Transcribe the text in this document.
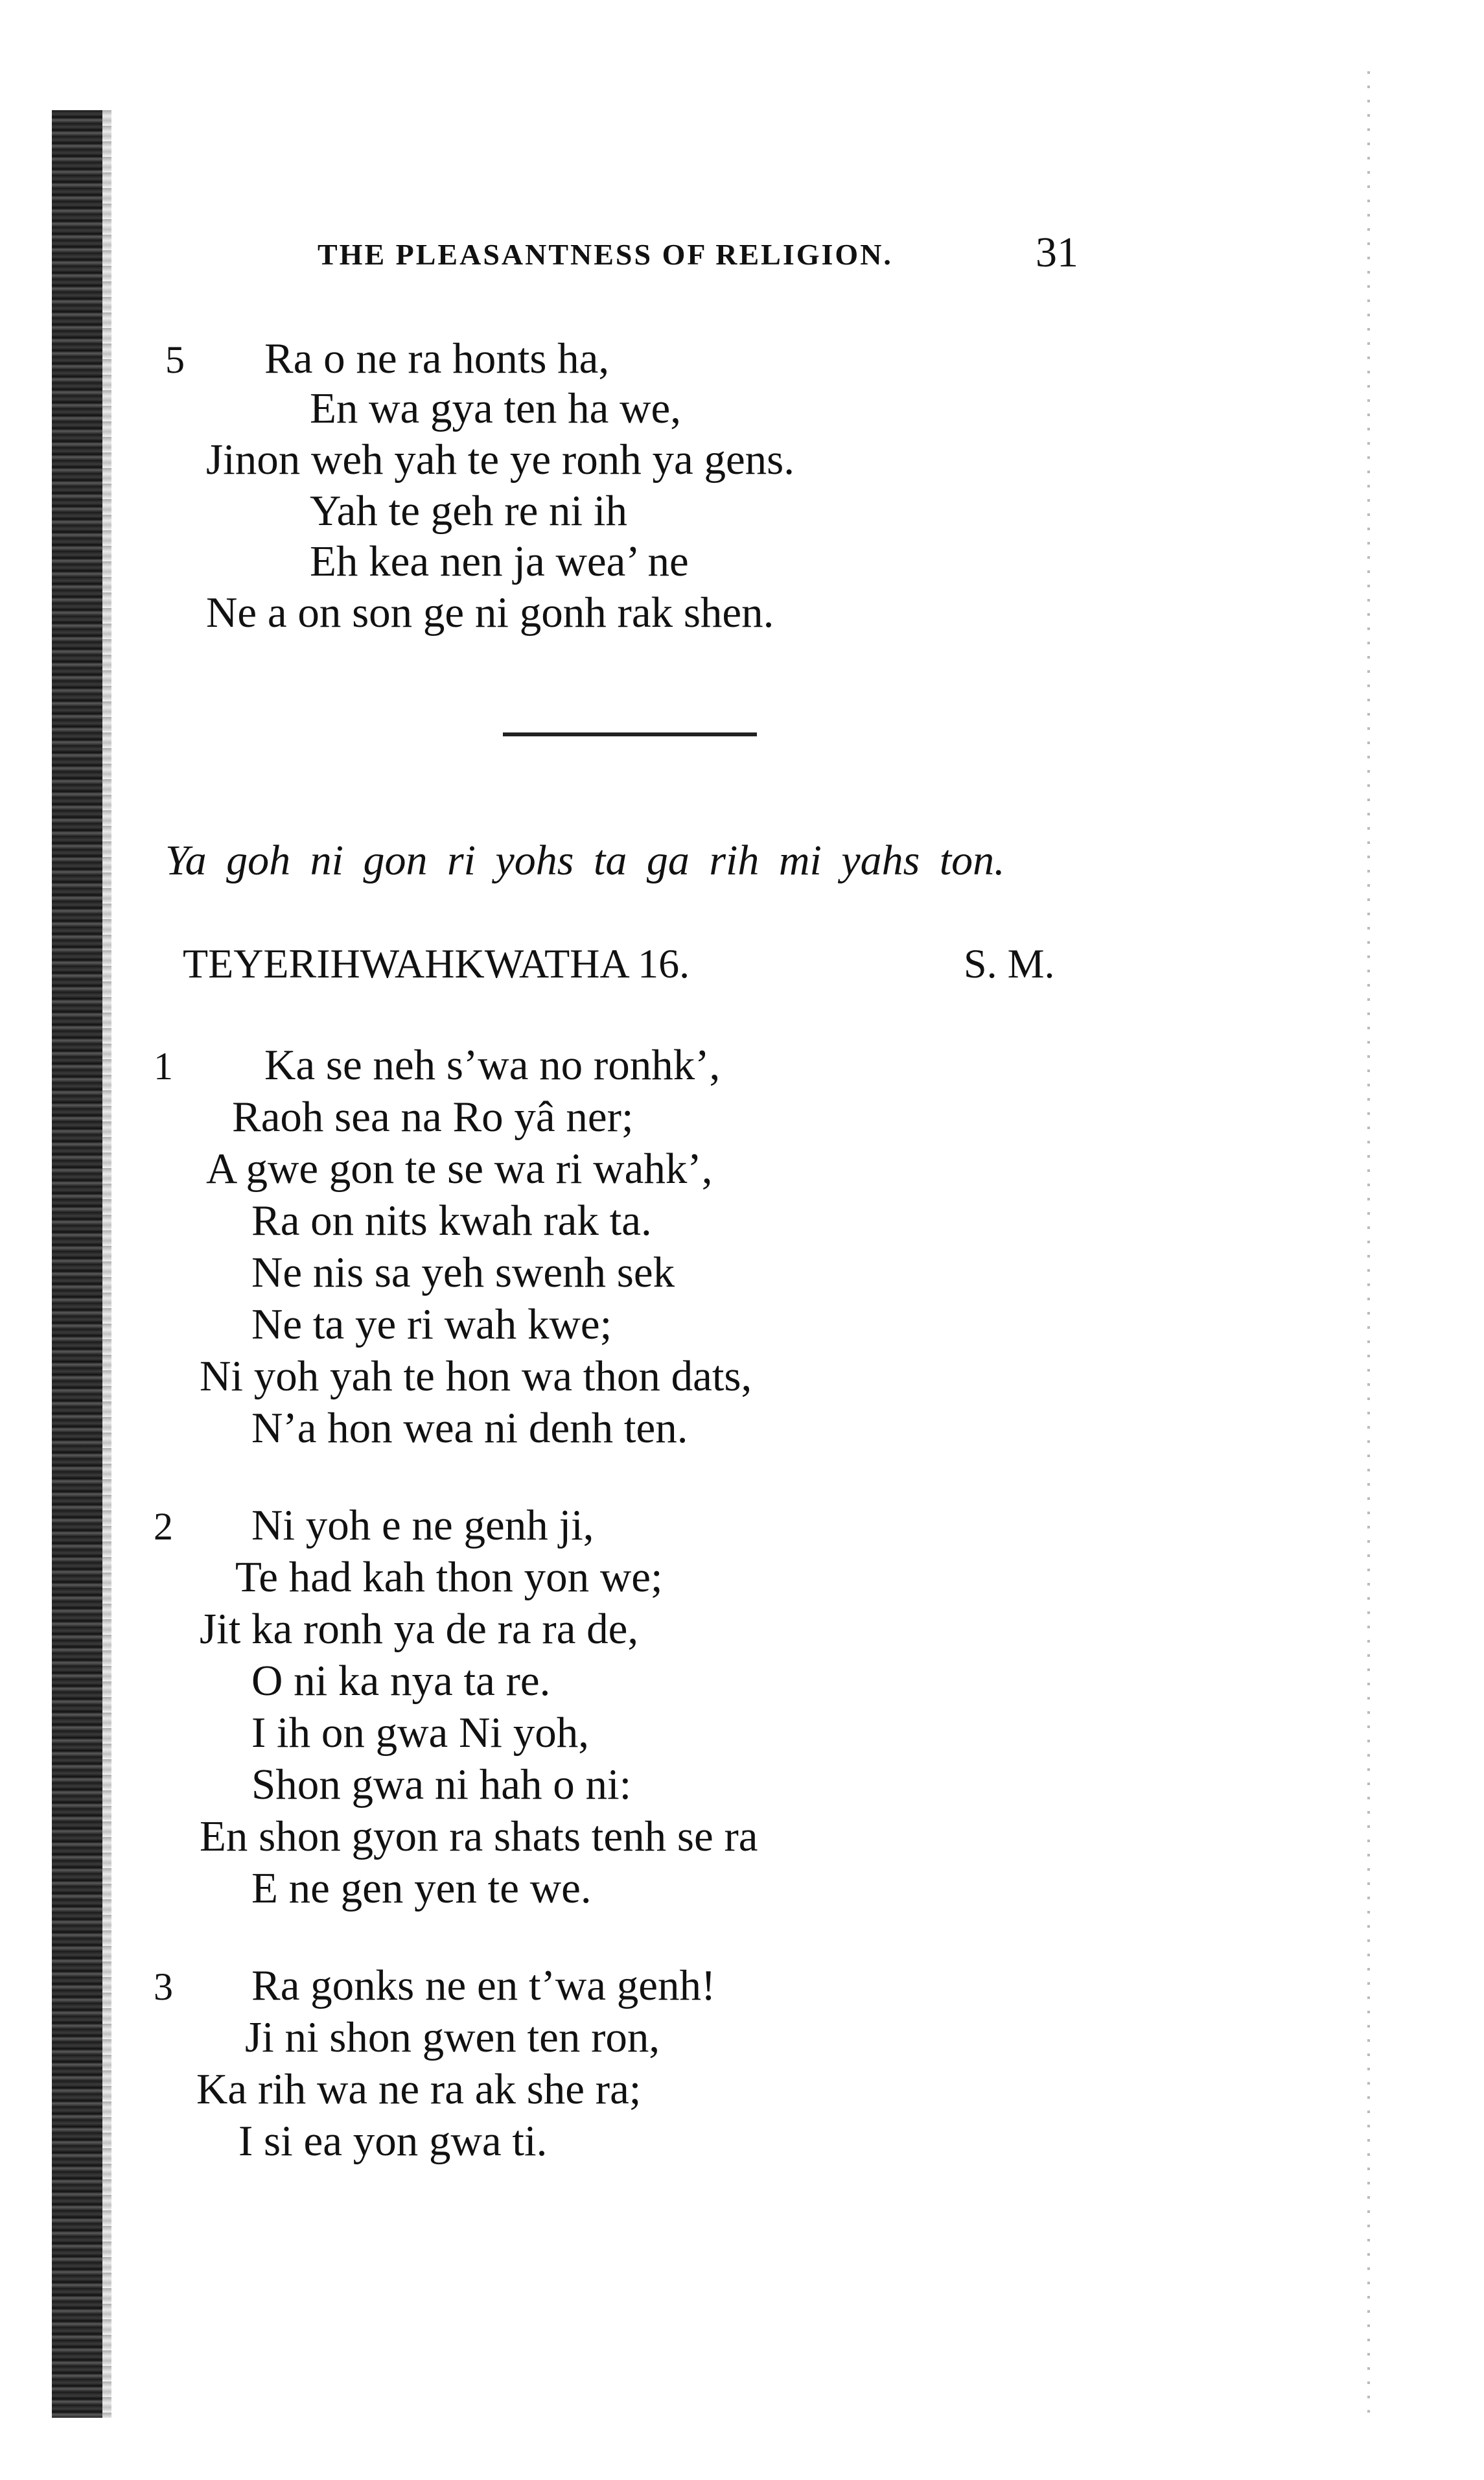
THE PLEASANTNESS OF RELIGION.	31
5 Ra o ne ra honts ha,
En wa gya ten ha we,
Jinon weh yah te ye ronh ya gens.
Yah te geh re ni ih
Eh kea nen ja wea’ ne
Ne a on son ge ni gonh rak shen.
Ya goh ni gon ri yohs ta ga rih mi yahs ton.
TEYERIHWAHKWATHA 16.	S. M.
1 Ka se neh s’wa no ronhk’,
Raoh sea na Ro yâ ner;
A gwe gon te se wa ri wahk’,
Ra on nits kwah rak ta.
Ne nis sa yeh swenh sek
Ne ta ye ri wah kwe;
Ni yoh yah te hon wa thon dats,
N’a hon wea ni denh ten.
2 Ni yoh e ne genh ji,
Te had kah thon yon we;
Jit ka ronh ya de ra ra de,
O ni ka nya ta re.
I ih on gwa Ni yoh,
Shon gwa ni hah o ni:
En shon gyon ra shats tenh se ra
E ne gen yen te we.
3 Ra gonks ne en t’wa genh!
Ji ni shon gwen ten ron,
Ka rih wa ne ra ak she ra;
I si ea yon gwa ti.
